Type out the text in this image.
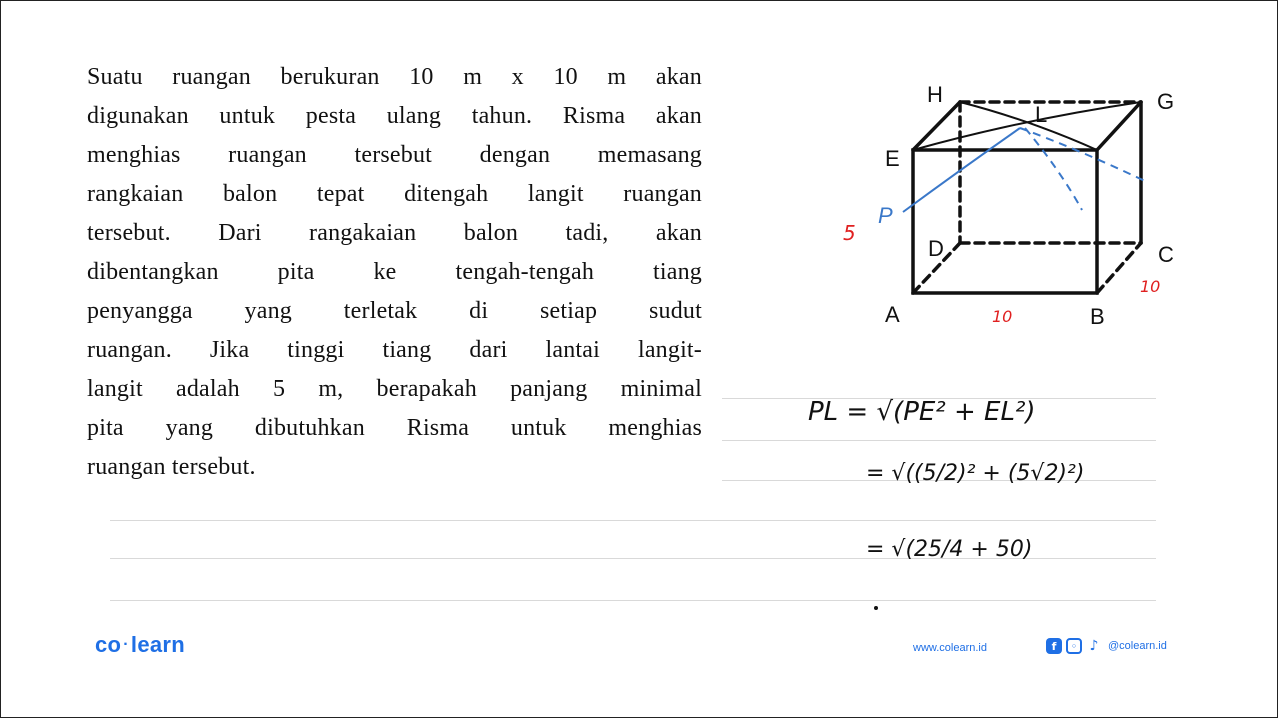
Suatu ruangan berukuran 10 m x 10 m akan
digunakan untuk pesta ulang tahun. Risma akan
menghias ruangan tersebut dengan memasang
rangkaian balon tepat ditengah langit ruangan
tersebut. Dari rangakaian balon tadi, akan
dibentangkan pita ke tengah-tengah tiang
penyangga yang terletak di setiap sudut
ruangan. Jika tinggi tiang dari lantai langit-
langit adalah 5 m, berapakah panjang minimal
pita yang dibutuhkan Risma untuk menghias
ruangan tersebut.
H	G
E
L
D	C
A	B
P
5
10
10
PL = √(PE² + EL²)
= √((5/2)² + (5√2)²)
= √(25/4 + 50)
co ·learn	www.colearn.id	f	◦ ♪ @colearn.id
